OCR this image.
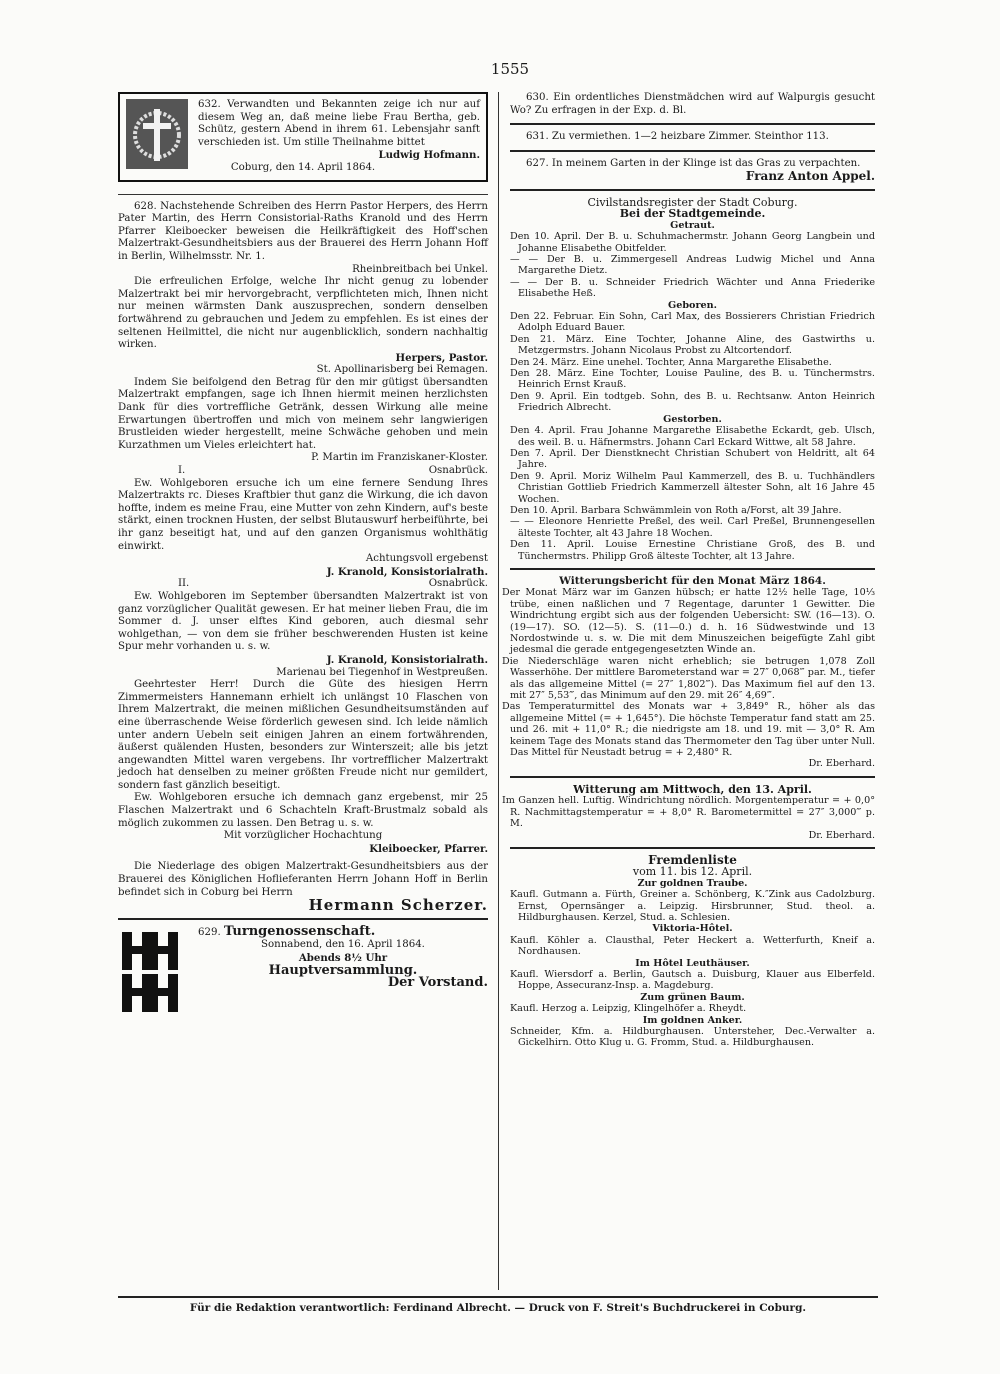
1555

632. Verwandten und Bekannten zeige ich nur auf diesem Weg an, daß meine liebe Frau Bertha, geb. Schütz, gestern Abend in ihrem 61. Lebensjahr sanft verschieden ist. Um stille Theilnahme bittet

Ludwig Hofmann.

Coburg, den 14. April 1864.

628. Nachstehende Schreiben des Herrn Pastor Herpers, des Herrn Pater Martin, des Herrn Consistorial-Raths Kranold und des Herrn Pfarrer Kleiboecker beweisen die Heilkräftigkeit des Hoff'schen Malzertrakt-Gesundheitsbiers aus der Brauerei des Herrn Johann Hoff in Berlin, Wilhelmsstr. Nr. 1.

Rheinbreitbach bei Unkel.

Die erfreulichen Erfolge, welche Ihr nicht genug zu lobender Malzertrakt bei mir hervorgebracht, verpflichteten mich, Ihnen nicht nur meinen wärmsten Dank auszusprechen, sondern denselben fortwährend zu gebrauchen und Jedem zu empfehlen. Es ist eines der seltenen Heilmittel, die nicht nur augenblicklich, sondern nachhaltig wirken.

Herpers, Pastor.

St. Apollinarisberg bei Remagen.

Indem Sie beifolgend den Betrag für den mir gütigst übersandten Malzertrakt empfangen, sage ich Ihnen hiermit meinen herzlichsten Dank für dies vortreffliche Getränk, dessen Wirkung alle meine Erwartungen übertroffen und mich von meinem sehr langwierigen Brustleiden wieder hergestellt, meine Schwäche gehoben und mein Kurzathmen um Vieles erleichtert hat.

P. Martin im Franziskaner-Kloster.

I.	Osnabrück.

Ew. Wohlgeboren ersuche ich um eine fernere Sendung Ihres Malzertrakts rc. Dieses Kraftbier thut ganz die Wirkung, die ich davon hoffte, indem es meine Frau, eine Mutter von zehn Kindern, auf's beste stärkt, einen trocknen Husten, der selbst Blutauswurf herbeiführte, bei ihr ganz beseitigt hat, und auf den ganzen Organismus wohlthätig einwirkt.

Achtungsvoll ergebenst

J. Kranold, Konsistorialrath.

II.	Osnabrück.

Ew. Wohlgeboren im September übersandten Malzertrakt ist von ganz vorzüglicher Qualität gewesen. Er hat meiner lieben Frau, die im Sommer d. J. unser elftes Kind geboren, auch diesmal sehr wohlgethan, — von dem sie früher beschwerenden Husten ist keine Spur mehr vorhanden u. s. w.

J. Kranold, Konsistorialrath.

Marienau bei Tiegenhof in Westpreußen.

Geehrtester Herr! Durch die Güte des hiesigen Herrn Zimmermeisters Hannemann erhielt ich unlängst 10 Flaschen von Ihrem Malzertrakt, die meinen mißlichen Gesundheitsumständen auf eine überraschende Weise förderlich gewesen sind. Ich leide nämlich unter andern Uebeln seit einigen Jahren an einem fortwährenden, äußerst quälenden Husten, besonders zur Winterszeit; alle bis jetzt angewandten Mittel waren vergebens. Ihr vortrefflicher Malzertrakt jedoch hat denselben zu meiner größten Freude nicht nur gemildert, sondern fast gänzlich beseitigt.

Ew. Wohlgeboren ersuche ich demnach ganz ergebenst, mir 25 Flaschen Malzertrakt und 6 Schachteln Kraft-Brustmalz sobald als möglich zukommen zu lassen. Den Betrag u. s. w.

Mit vorzüglicher Hochachtung

Kleiboecker, Pfarrer.

Die Niederlage des obigen Malzertrakt-Gesundheitsbiers aus der Brauerei des Königlichen Hoflieferanten Herrn Johann Hoff in Berlin befindet sich in Coburg bei Herrn

Hermann Scherzer.

629. Turngenossenschaft.

Sonnabend, den 16. April 1864.

Abends 8½ Uhr

Hauptversammlung.

Der Vorstand.

630. Ein ordentliches Dienstmädchen wird auf Walpurgis gesucht Wo? Zu erfragen in der Exp. d. Bl.

631. Zu vermiethen. 1—2 heizbare Zimmer. Steinthor 113.

627. In meinem Garten in der Klinge ist das Gras zu verpachten.

Franz Anton Appel.

Civilstandsregister der Stadt Coburg.

Bei der Stadtgemeinde.

Getraut.

Den 10. April. Der B. u. Schuhmachermstr. Johann Georg Langbein und Johanne Elisabethe Obitfelder.

— — Der B. u. Zimmergesell Andreas Ludwig Michel und Anna Margarethe Dietz.

— — Der B. u. Schneider Friedrich Wächter und Anna Friederike Elisabethe Heß.

Geboren.

Den 22. Februar. Ein Sohn, Carl Max, des Bossierers Christian Friedrich Adolph Eduard Bauer.

Den 21. März. Eine Tochter, Johanne Aline, des Gastwirths u. Metzgermstrs. Johann Nicolaus Probst zu Altcortendorf.

Den 24. März. Eine unehel. Tochter, Anna Margarethe Elisabethe.

Den 28. März. Eine Tochter, Louise Pauline, des B. u. Tünchermstrs. Heinrich Ernst Krauß.

Den 9. April. Ein todtgeb. Sohn, des B. u. Rechtsanw. Anton Heinrich Friedrich Albrecht.

Gestorben.

Den 4. April. Frau Johanne Margarethe Elisabethe Eckardt, geb. Ulsch, des weil. B. u. Häfnermstrs. Johann Carl Eckard Wittwe, alt 58 Jahre.

Den 7. April. Der Dienstknecht Christian Schubert von Heldritt, alt 64 Jahre.

Den 9. April. Moriz Wilhelm Paul Kammerzell, des B. u. Tuchhändlers Christian Gottlieb Friedrich Kammerzell ältester Sohn, alt 16 Jahre 45 Wochen.

Den 10. April. Barbara Schwämmlein von Roth a/Forst, alt 39 Jahre.

— — Eleonore Henriette Preßel, des weil. Carl Preßel, Brunnengesellen älteste Tochter, alt 43 Jahre 18 Wochen.

Den 11. April. Louise Ernestine Christiane Groß, des B. und Tünchermstrs. Philipp Groß älteste Tochter, alt 13 Jahre.

Witterungsbericht für den Monat März 1864.

Der Monat März war im Ganzen hübsch; er hatte 12½ helle Tage, 10⅓ trübe, einen naßlichen und 7 Regentage, darunter 1 Gewitter. Die Windrichtung ergibt sich aus der folgenden Uebersicht: SW. (16—13). O. (19—17). SO. (12—5). S. (11—0.) d. h. 16 Südwestwinde und 13 Nordostwinde u. s. w. Die mit dem Minuszeichen beigefügte Zahl gibt jedesmal die gerade entgegengesetzten Winde an.

Die Niederschläge waren nicht erheblich; sie betrugen 1,078 Zoll Wasserhöhe. Der mittlere Barometerstand war = 27″ 0,068‴ par. M., tiefer als das allgemeine Mittel (= 27″ 1,802‴). Das Maximum fiel auf den 13. mit 27″ 5,53‴, das Minimum auf den 29. mit 26″ 4,69‴.

Das Temperaturmittel des Monats war + 3,849° R., höher als das allgemeine Mittel (= + 1,645°). Die höchste Temperatur fand statt am 25. und 26. mit + 11,0° R.; die niedrigste am 18. und 19. mit — 3,0° R. Am keinem Tage des Monats stand das Thermometer den Tag über unter Null. Das Mittel für Neustadt betrug = + 2,480° R.

Dr. Eberhard.

Witterung am Mittwoch, den 13. April.

Im Ganzen hell. Luftig. Windrichtung nördlich. Morgentemperatur = + 0,0° R. Nachmittagstemperatur = + 8,0° R. Barometermittel = 27″ 3,000‴ p. M.

Dr. Eberhard.

Fremdenliste

vom 11. bis 12. April.

Zur goldnen Traube.

Kaufl. Gutmann a. Fürth, Greiner a. Schönberg, K.″Zink aus Cadolzburg. Ernst, Opernsänger a. Leipzig. Hirsbrunner, Stud. theol. a. Hildburghausen. Kerzel, Stud. a. Schlesien.

Viktoria-Hôtel.

Kaufl. Köhler a. Clausthal, Peter Heckert a. Wetterfurth, Kneif a. Nordhausen.

Im Hôtel Leuthäuser.

Kaufl. Wiersdorf a. Berlin, Gautsch a. Duisburg, Klauer aus Elberfeld. Hoppe, Assecuranz-Insp. a. Magdeburg.

Zum grünen Baum.

Kaufl. Herzog a. Leipzig, Klingelhöfer a. Rheydt.

Im goldnen Anker.

Schneider, Kfm. a. Hildburghausen. Untersteher, Dec.-Verwalter a. Gickelhirn. Otto Klug u. G. Fromm, Stud. a. Hildburghausen.

Für die Redaktion verantwortlich: Ferdinand Albrecht. — Druck von F. Streit's Buchdruckerei in Coburg.
